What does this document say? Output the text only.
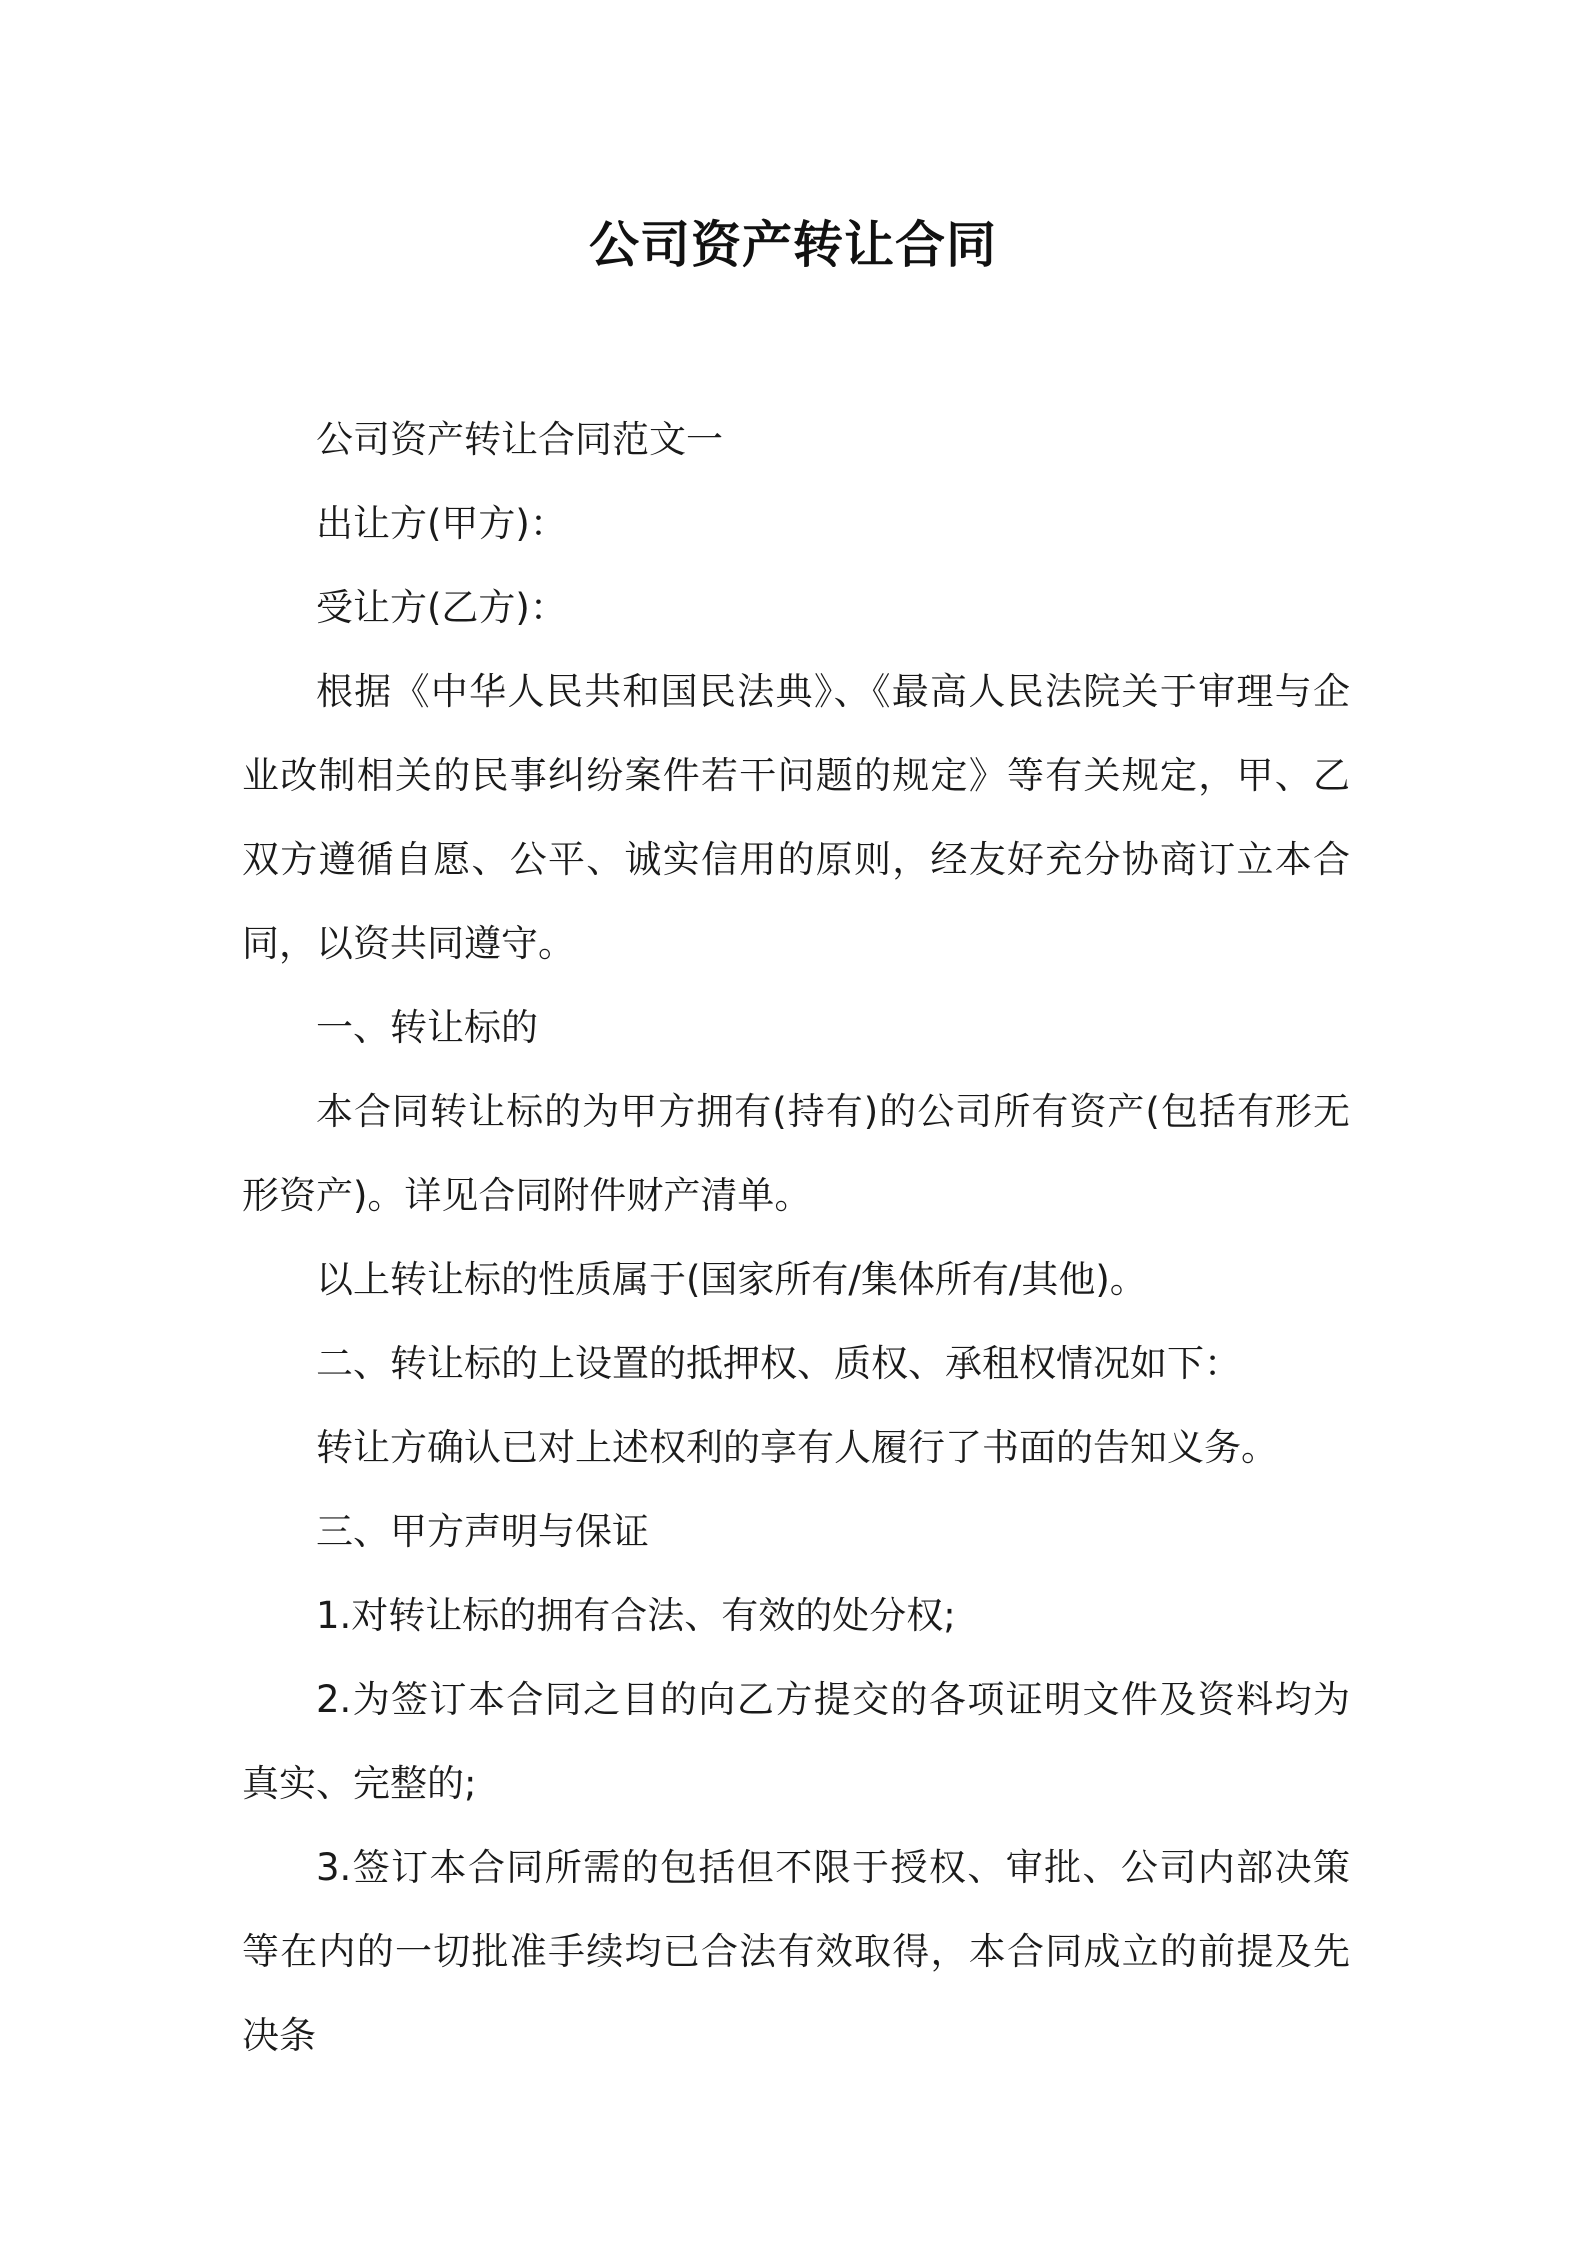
公司资产转让合同

公司资产转让合同范文一

出让方(甲方)：

受让方(乙方)：

根据《中华人民共和国民法典》、《最高人民法院关于审理与企业改制相关的民事纠纷案件若干问题的规定》等有关规定，甲、乙双方遵循自愿、公平、诚实信用的原则，经友好充分协商订立本合同，以资共同遵守。

一、转让标的

本合同转让标的为甲方拥有(持有)的公司所有资产(包括有形无形资产)。详见合同附件财产清单。

以上转让标的性质属于(国家所有/集体所有/其他)。

二、转让标的上设置的抵押权、质权、承租权情况如下：

转让方确认已对上述权利的享有人履行了书面的告知义务。

三、甲方声明与保证

1.对转让标的拥有合法、有效的处分权;

2.为签订本合同之目的向乙方提交的各项证明文件及资料均为真实、完整的;

3.签订本合同所需的包括但不限于授权、审批、公司内部决策等在内的一切批准手续均已合法有效取得，本合同成立的前提及先决条
